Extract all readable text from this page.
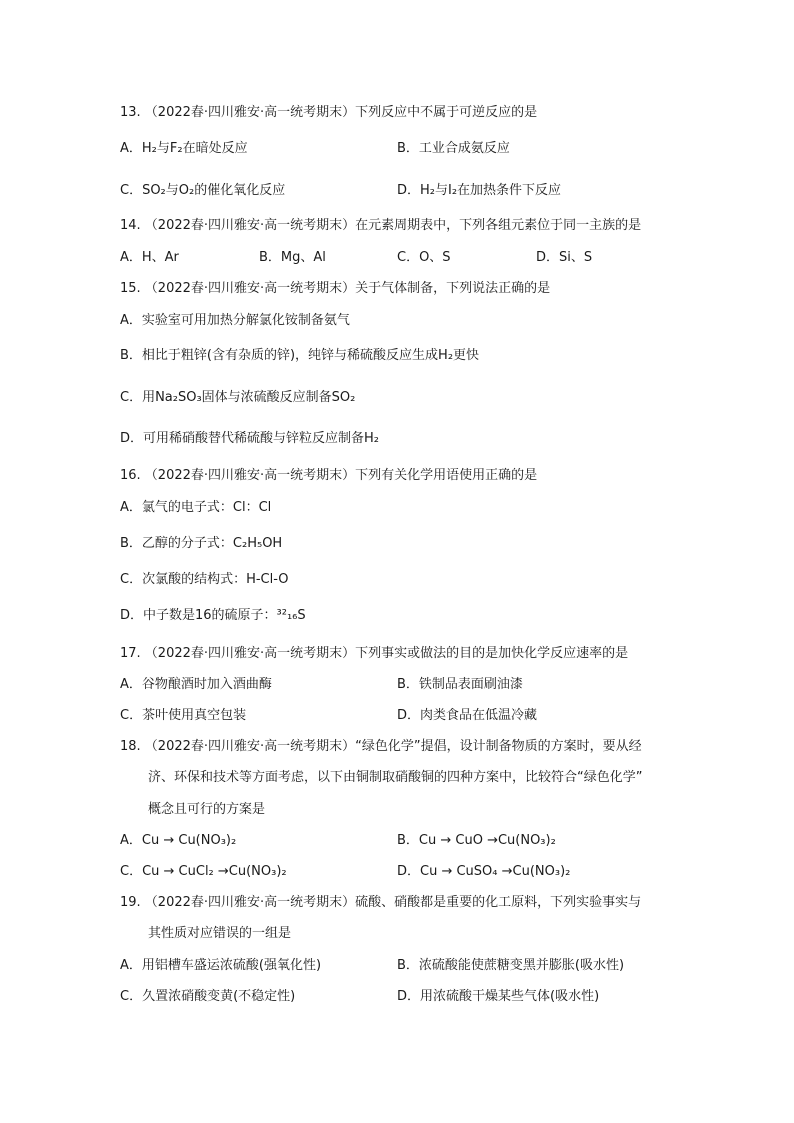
13. （2022春·四川雅安·高一统考期末）下列反应中不属于可逆反应的是
A．H₂与F₂在暗处反应	B．工业合成氨反应
C．SO₂与O₂的催化氧化反应	D．H₂与I₂在加热条件下反应
14. （2022春·四川雅安·高一统考期末）在元素周期表中，下列各组元素位于同一主族的是
A．H、Ar	B．Mg、Al	C．O、S	D．Si、S
15. （2022春·四川雅安·高一统考期末）关于气体制备，下列说法正确的是
A．实验室可用加热分解氯化铵制备氨气
B．相比于粗锌(含有杂质的锌)，纯锌与稀硫酸反应生成H₂更快
C．用Na₂SO₃固体与浓硫酸反应制备SO₂
D．可用稀硝酸替代稀硫酸与锌粒反应制备H₂
16. （2022春·四川雅安·高一统考期末）下列有关化学用语使用正确的是
A．氯气的电子式：Cl：Cl
B．乙醇的分子式：C₂H₅OH
C．次氯酸的结构式：H-Cl-O
D．中子数是16的硫原子：³²₁₆S
17. （2022春·四川雅安·高一统考期末）下列事实或做法的目的是加快化学反应速率的是
A．谷物酿酒时加入酒曲酶	B．铁制品表面刷油漆
C．茶叶使用真空包装	D．肉类食品在低温冷藏
18. （2022春·四川雅安·高一统考期末）“绿色化学”提倡，设计制备物质的方案时，要从经
济、环保和技术等方面考虑，以下由铜制取硝酸铜的四种方案中，比较符合“绿色化学”
概念且可行的方案是
A．Cu → Cu(NO₃)₂	B．Cu → CuO →Cu(NO₃)₂
C．Cu → CuCl₂ →Cu(NO₃)₂	D．Cu → CuSO₄ →Cu(NO₃)₂
19. （2022春·四川雅安·高一统考期末）硫酸、硝酸都是重要的化工原料，下列实验事实与
其性质对应错误的一组是
A．用铝槽车盛运浓硫酸(强氧化性)	B．浓硫酸能使蔗糖变黑并膨胀(吸水性)
C．久置浓硝酸变黄(不稳定性)	D．用浓硫酸干燥某些气体(吸水性)
